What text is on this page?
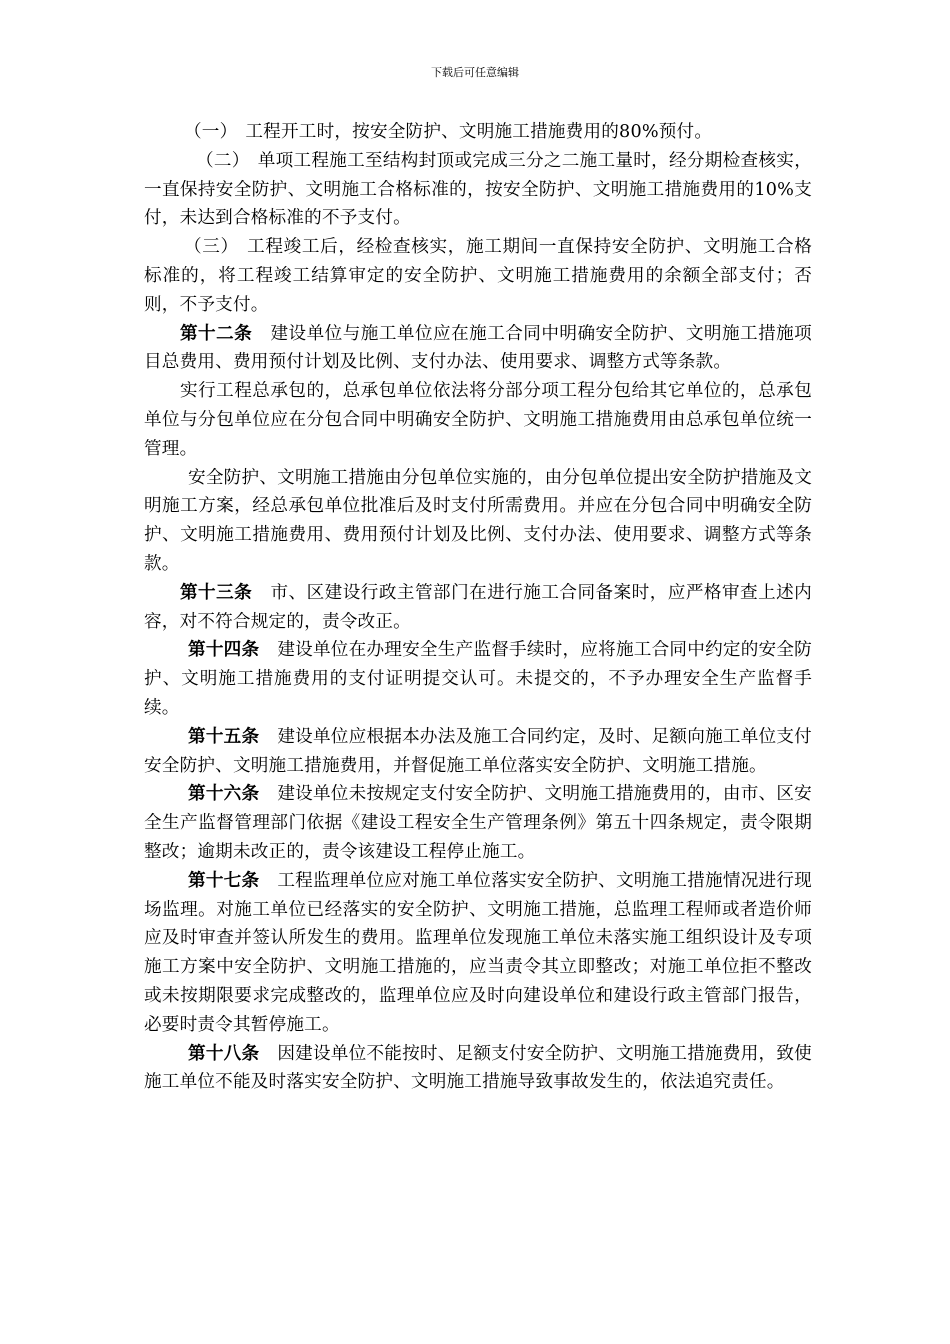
下载后可任意编辑

（一） 工程开工时，按安全防护、文明施工措施费用的80%预付。

（二） 单项工程施工至结构封顶或完成三分之二施工量时，经分期检查核实，一直保持安全防护、文明施工合格标准的，按安全防护、文明施工措施费用的10%支付，未达到合格标准的不予支付。

（三） 工程竣工后，经检查核实，施工期间一直保持安全防护、文明施工合格标准的，将工程竣工结算审定的安全防护、文明施工措施费用的余额全部支付；否则，不予支付。

第十二条 建设单位与施工单位应在施工合同中明确安全防护、文明施工措施项目总费用、费用预付计划及比例、支付办法、使用要求、调整方式等条款。

实行工程总承包的，总承包单位依法将分部分项工程分包给其它单位的，总承包单位与分包单位应在分包合同中明确安全防护、文明施工措施费用由总承包单位统一管理。

安全防护、文明施工措施由分包单位实施的，由分包单位提出安全防护措施及文明施工方案，经总承包单位批准后及时支付所需费用。并应在分包合同中明确安全防护、文明施工措施费用、费用预付计划及比例、支付办法、使用要求、调整方式等条款。

第十三条 市、区建设行政主管部门在进行施工合同备案时，应严格审查上述内容，对不符合规定的，责令改正。

第十四条 建设单位在办理安全生产监督手续时，应将施工合同中约定的安全防护、文明施工措施费用的支付证明提交认可。未提交的，不予办理安全生产监督手续。

第十五条 建设单位应根据本办法及施工合同约定，及时、足额向施工单位支付安全防护、文明施工措施费用，并督促施工单位落实安全防护、文明施工措施。

第十六条 建设单位未按规定支付安全防护、文明施工措施费用的，由市、区安全生产监督管理部门依据《建设工程安全生产管理条例》第五十四条规定，责令限期整改；逾期未改正的，责令该建设工程停止施工。

第十七条 工程监理单位应对施工单位落实安全防护、文明施工措施情况进行现场监理。对施工单位已经落实的安全防护、文明施工措施，总监理工程师或者造价师应及时审查并签认所发生的费用。监理单位发现施工单位未落实施工组织设计及专项施工方案中安全防护、文明施工措施的，应当责令其立即整改；对施工单位拒不整改或未按期限要求完成整改的，监理单位应及时向建设单位和建设行政主管部门报告，必要时责令其暂停施工。

第十八条 因建设单位不能按时、足额支付安全防护、文明施工措施费用，致使施工单位不能及时落实安全防护、文明施工措施导致事故发生的，依法追究责任。
